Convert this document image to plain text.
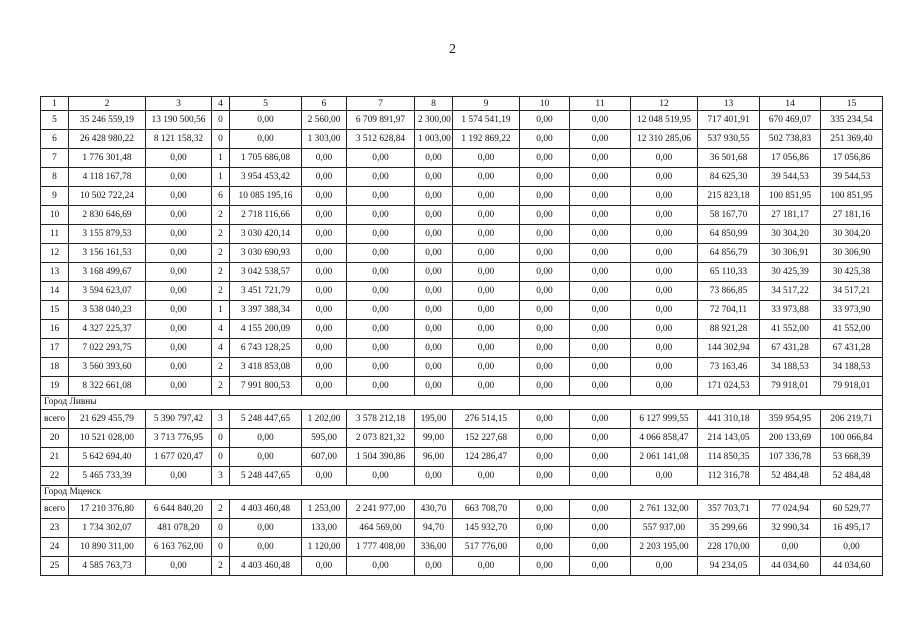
2
1	2	3	4	5	6	7	8	9	10	11	12	13	14	15
5	35 246 559,19	13 190 500,56	0	0,00	2 560,00	6 709 891,97	2 300,00	1 574 541,19	0,00	0,00	12 048 519,95	717 401,91	670 469,07	335 234,54
6	26 428 980,22	8 121 158,32	0	0,00	1 303,00	3 512 628,84	1 003,00	1 192 869,22	0,00	0,00	12 310 285,06	537 930,55	502 738,83	251 369,40
7	1 776 301,48	0,00	1	1 705 686,08	0,00	0,00	0,00	0,00	0,00	0,00	0,00	36 501,68	17 056,86	17 056,86
8	4 118 167,78	0,00	1	3 954 453,42	0,00	0,00	0,00	0,00	0,00	0,00	0,00	84 625,30	39 544,53	39 544,53
9	10 502 722,24	0,00	6	10 085 195,16	0,00	0,00	0,00	0,00	0,00	0,00	0,00	215 823,18	100 851,95	100 851,95
10	2 830 646,69	0,00	2	2 718 116,66	0,00	0,00	0,00	0,00	0,00	0,00	0,00	58 167,70	27 181,17	27 181,16
11	3 155 879,53	0,00	2	3 030 420,14	0,00	0,00	0,00	0,00	0,00	0,00	0,00	64 850,99	30 304,20	30 304,20
12	3 156 161,53	0,00	2	3 030 690,93	0,00	0,00	0,00	0,00	0,00	0,00	0,00	64 856,79	30 306,91	30 306,90
13	3 168 499,67	0,00	2	3 042 538,57	0,00	0,00	0,00	0,00	0,00	0,00	0,00	65 110,33	30 425,39	30 425,38
14	3 594 623,07	0,00	2	3 451 721,79	0,00	0,00	0,00	0,00	0,00	0,00	0,00	73 866,85	34 517,22	34 517,21
15	3 538 040,23	0,00	1	3 397 388,34	0,00	0,00	0,00	0,00	0,00	0,00	0,00	72 704,11	33 973,88	33 973,90
16	4 327 225,37	0,00	4	4 155 200,09	0,00	0,00	0,00	0,00	0,00	0,00	0,00	88 921,28	41 552,00	41 552,00
17	7 022 293,75	0,00	4	6 743 128,25	0,00	0,00	0,00	0,00	0,00	0,00	0,00	144 302,94	67 431,28	67 431,28
18	3 560 393,60	0,00	2	3 418 853,08	0,00	0,00	0,00	0,00	0,00	0,00	0,00	73 163,46	34 188,53	34 188,53
19	8 322 661,08	0,00	2	7 991 800,53	0,00	0,00	0,00	0,00	0,00	0,00	0,00	171 024,53	79 918,01	79 918,01
Город Ливны														
всего	21 629 455,79	5 390 797,42	3	5 248 447,65	1 202,00	3 578 212,18	195,00	276 514,15	0,00	0,00	6 127 999,55	441 310,18	359 954,95	206 219,71
20	10 521 028,00	3 713 776,95	0	0,00	595,00	2 073 821,32	99,00	152 227,68	0,00	0,00	4 066 858,47	214 143,05	200 133,69	100 066,84
21	5 642 694,40	1 677 020,47	0	0,00	607,00	1 504 390,86	96,00	124 286,47	0,00	0,00	2 061 141,08	114 850,35	107 336,78	53 668,39
22	5 465 733,39	0,00	3	5 248 447,65	0,00	0,00	0,00	0,00	0,00	0,00	0,00	112 316,78	52 484,48	52 484,48
Город Мценск														
всего	17 210 376,80	6 644 840,20	2	4 403 460,48	1 253,00	2 241 977,00	430,70	663 708,70	0,00	0,00	2 761 132,00	357 703,71	77 024,94	60 529,77
23	1 734 302,07	481 078,20	0	0,00	133,00	464 569,00	94,70	145 932,70	0,00	0,00	557 937,00	35 299,66	32 990,34	16 495,17
24	10 890 311,00	6 163 762,00	0	0,00	1 120,00	1 777 408,00	336,00	517 776,00	0,00	0,00	2 203 195,00	228 170,00	0,00	0,00
25	4 585 763,73	0,00	2	4 403 460,48	0,00	0,00	0,00	0,00	0,00	0,00	0,00	94 234,05	44 034,60	44 034,60
